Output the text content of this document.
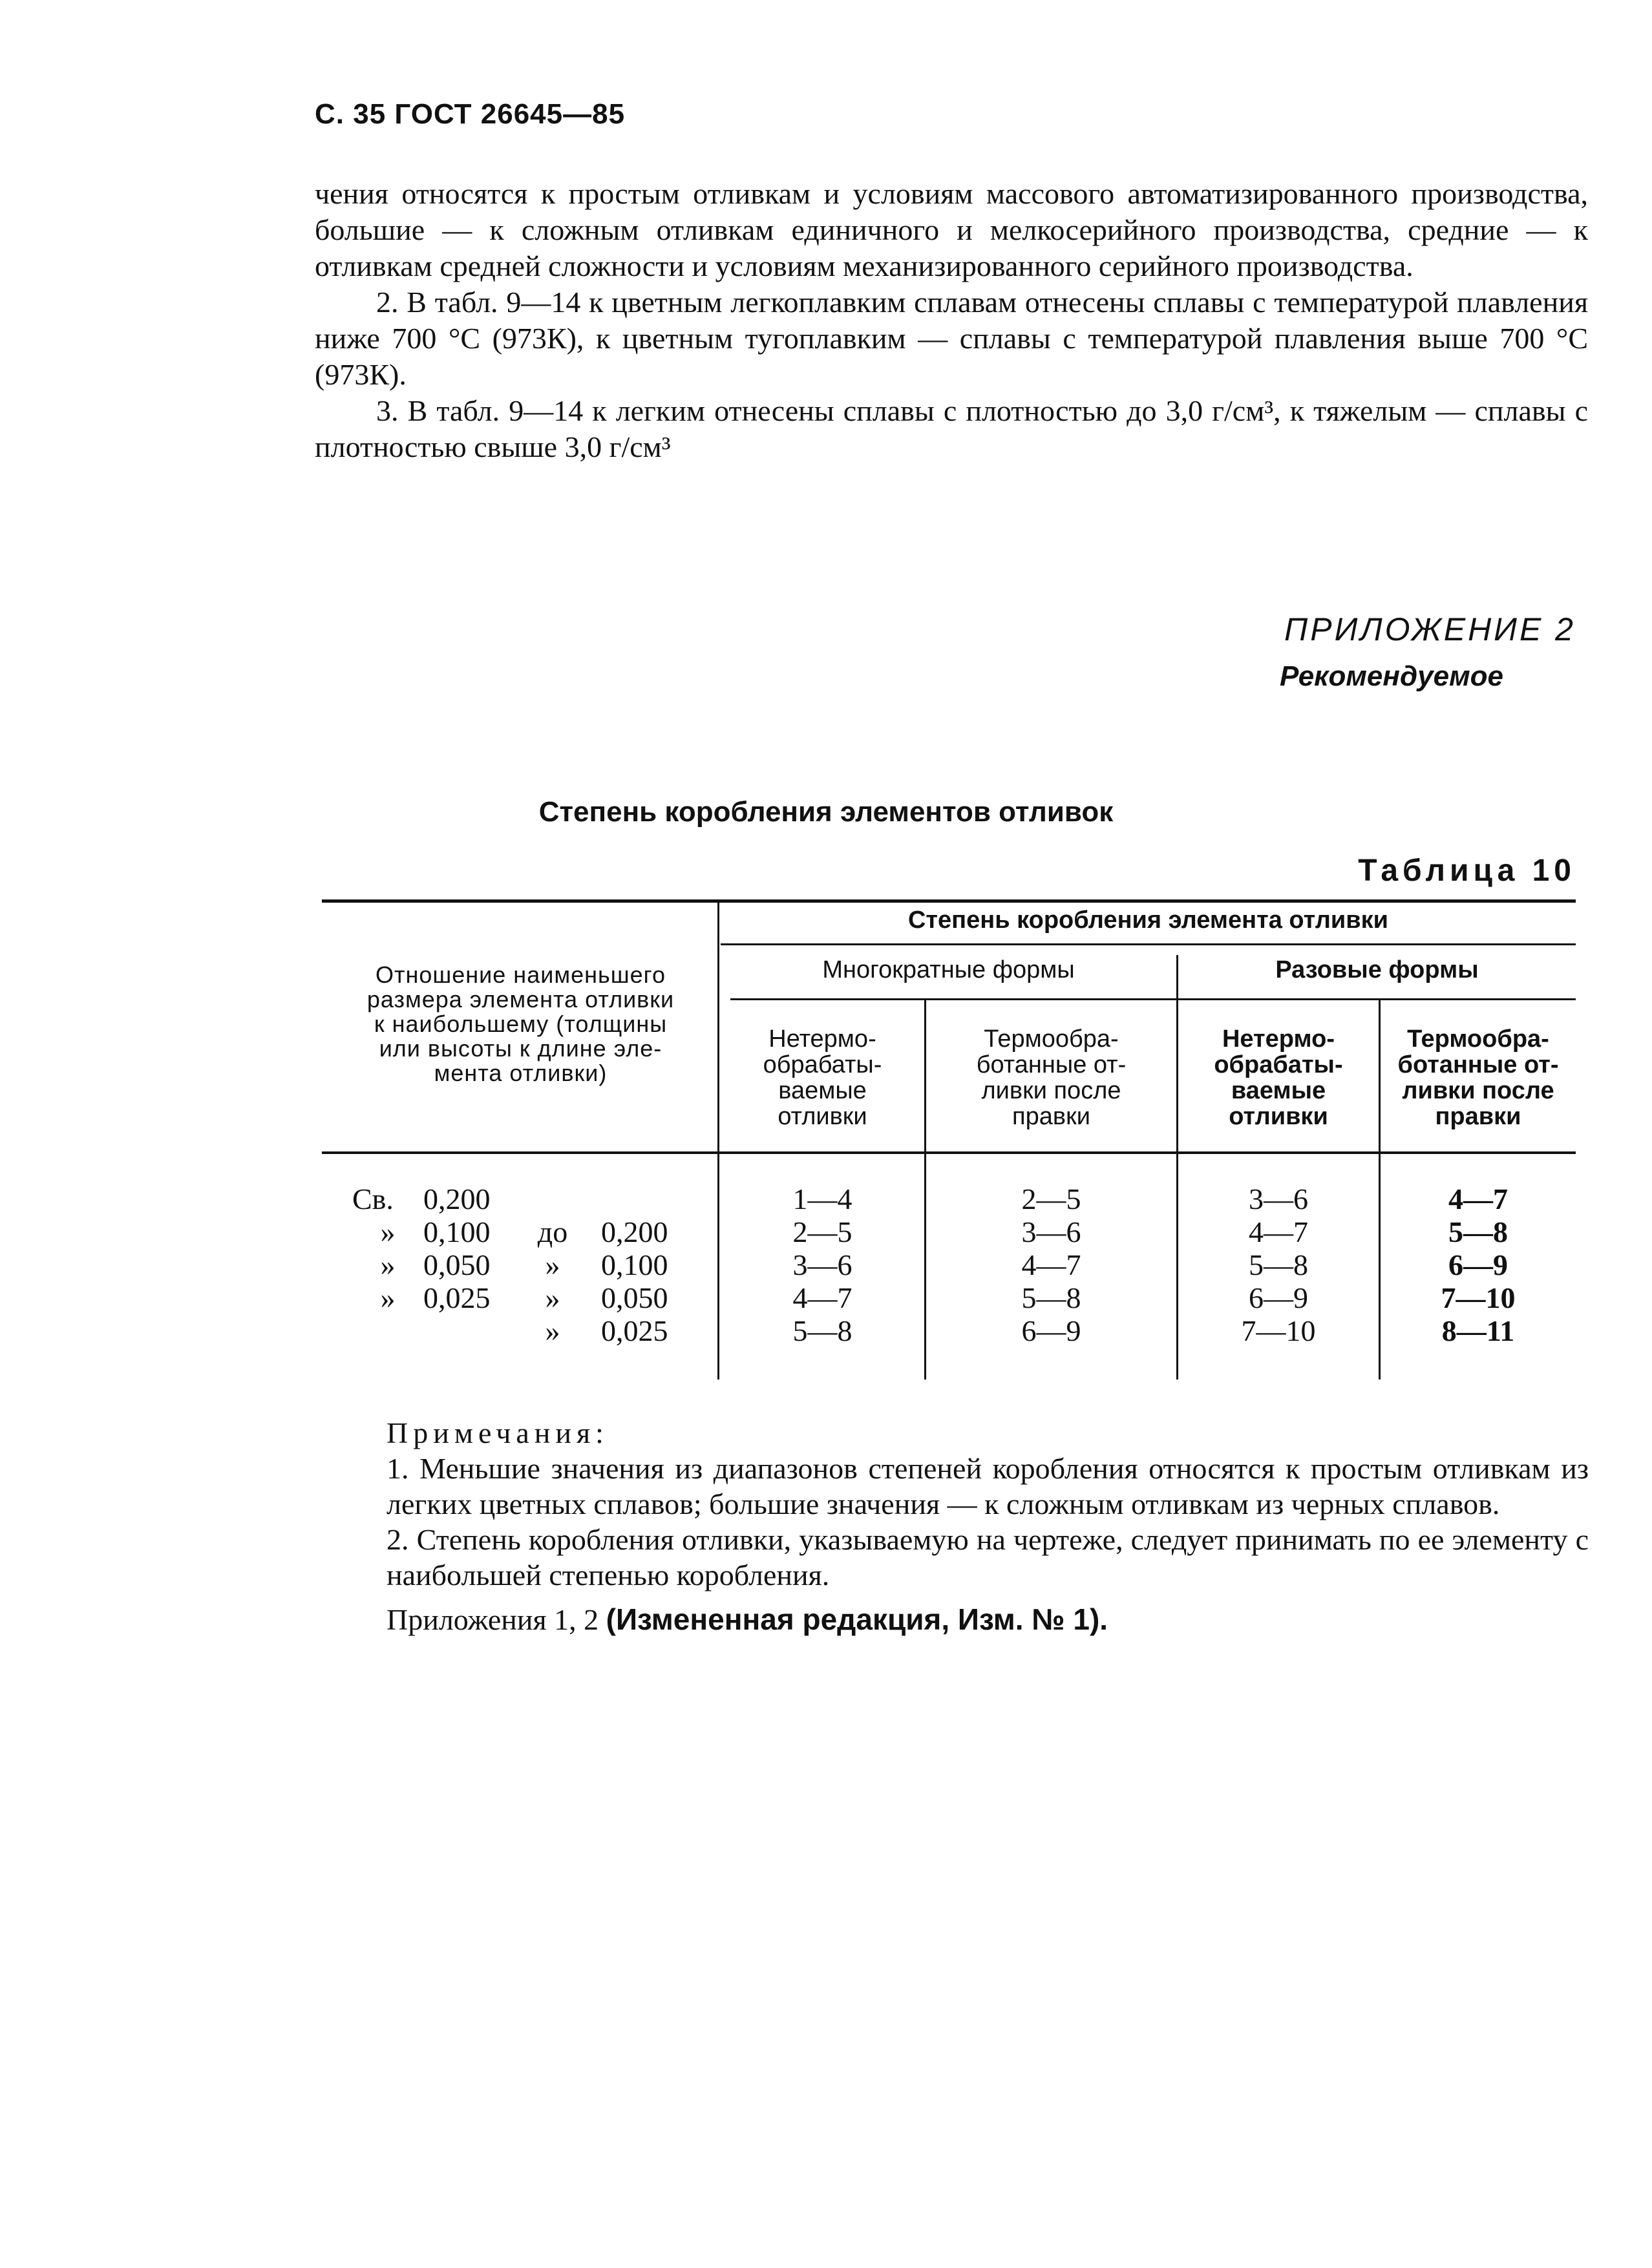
С. 35 ГОСТ 26645—85

чения относятся к простым отливкам и условиям массового автоматизированного производства, большие — к сложным отливкам единичного и мелкосерийного производства, средние — к отливкам средней сложности и условиям механизированного серийного производства.

2. В табл. 9—14 к цветным легкоплавким сплавам отнесены сплавы с температурой плавления ниже 700 °С (973К), к цветным тугоплавким — сплавы с температурой плавления выше 700 °С (973К).

3. В табл. 9—14 к легким отнесены сплавы с плотностью до 3,0 г/см³, к тяжелым — сплавы с плотностью свыше 3,0 г/см³

ПРИЛОЖЕНИЕ 2
Рекомендуемое
Степень коробления элементов отливок
Таблица 10
Отношение наименьшего
размера элемента отливки
к наибольшему (толщины
или высоты к длине эле-
мента отливки)
Степень коробления элемента отливки
Многократные формы	Разовые формы
Нетермо-
обрабаты-
ваемые
отливки
Термообра-
ботанные от-
ливки после
правки
Нетермо-
обрабаты-
ваемые
отливки
Термообра-
ботанные от-
ливки после
правки
Св.
»
»
»
0,200
0,100
0,050
0,025
до
»
»
»
0,200
0,100
0,050
0,025
1—4
2—5
3—6
4—7
5—8
2—5
3—6
4—7
5—8
6—9
3—6
4—7
5—8
6—9
7—10
4—7
5—8
6—9
7—10
8—11

Примечания:

1. Меньшие значения из диапазонов степеней коробления относятся к простым отливкам из легких цветных сплавов; большие значения — к сложным отливкам из черных сплавов.

2. Степень коробления отливки, указываемую на чертеже, следует принимать по ее элементу с наибольшей степенью коробления.

Приложения 1, 2 (Измененная редакция, Изм. № 1).
